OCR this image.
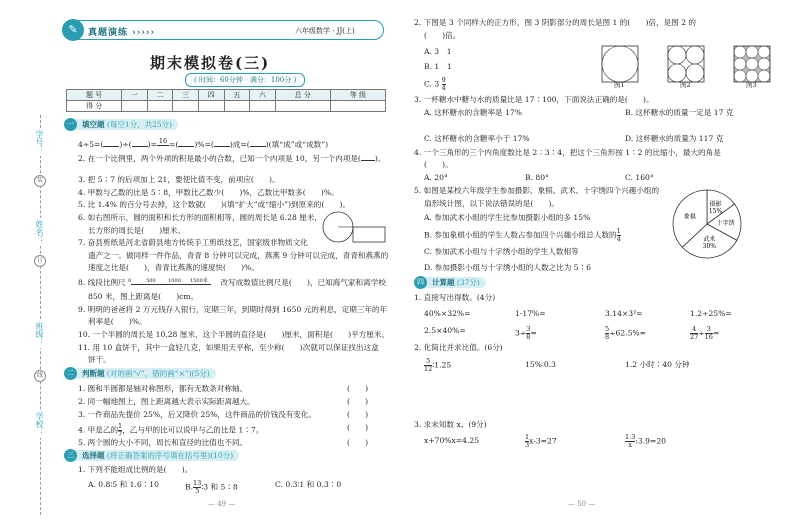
学号：
姓名：
班级：
学校：
装
订
线
✎	真题演练 ›››››	六年级数学 · JJ(上)
期末模拟卷(三)
( 时间：60分钟　满分：100分 )
题 号	一	二	三	四	五	六	总 分	等 级
得 分								
一	填空题 (每空1分，共25分)
4÷5=( )÷( )= 16 =( )%=( )成=( )(填“成”或“成数”)
2. 在一个比例里，两个外项的积是最小的合数，已知一个内项是 10，另一个内项是( )。
3. 把 5∶7 的后项加上 21，要使比值不变，前项应(　　)。
4. 甲数与乙数的比是 5∶8，甲数比乙数少(　　)%，乙数比甲数多(　　)%。
5. 比 1.4% 的百分号去掉，这个数就(　　)(填“扩大”或“缩小”)到原来的(　　)。
6. 如右图所示，圆的面积和长方形的面积相等，圆的周长是 6.28 厘米，
长方形的周长是(　　)厘米。
7. 奋县剪纸是河北省蔚县地方传统手工剪纸技艺，国家级非物质文化
遗产之一。做同样一件作品，青青 8 分钟可以完成，燕燕 9 分钟可以完成，青青和燕燕的
速度之比是(　　)，青青比燕燕的速度快(　　)%。
8. 线段比例尺 0	500 1000 1500米 改写成数值比例尺是(　　)，已知海气家和离学校
850 米，图上距离是(　　)cm。
9. 明明的爸爸将 2 万元钱存入银行，定期三年，到期时得到 1650 元的利息，定期三年的年
利率是(　　)%。
10. 一个半圆的周长是 10.28 厘米，这个半圆的直径是(　　)厘米，面积是(　　)平方厘米。
11. 用 10 盒饼干，其中一盒轻几克，如果用天平称，至少称(　　)次就可以保证找出这盒
饼干。
二	判断题 (对的画“√”，错的画“×”)(5分)
1. 圆和半圆都是轴对称图形，都有无数条对称轴。	(　　)
2. 同一幅地图上，图上距离越大表示实际距离越大。	(　　)
3. 一件商品先提价 25%，后又降价 25%，这件商品的价钱没有变化。	(　　)
4. 甲是乙的 $\frac{1}{7}$ ，乙与甲的比可以说甲与乙的比是 1∶7。	(　　)
5. 两个圆的大小不同，周长和直径的比值也不同。	(　　)
三	选择题 (将正确答案的序号填在括号里)(10分)
1. 下列不能组成比例的是(　　)。
A. 0.8∶5 和 1.6∶10	B. $\frac{13}{5}$ ∶3 和 5∶8	C. 0.3∶1 和 0.3∶0
— 49 —
2. 下图是 3 个同样大的正方形，图 3 阴影部分的周长是图 1 的(　　)倍，是图 2 的
(　　)倍。
A. 3　1
B. 1　1
C. $3 \frac{9}{4}$	图1	图2	图3
3. 一杯糖水中糖与水的质量比是 17∶100，下面说法正确的是(　　)。
A. 这杯糖水的含糖率是 17%	B. 这杯糖水的质量一定是 17 克
C. 这杯糖水的含糖率小于 17%	D. 这杯糖水的质量为 117 克
4. 一个三角形的三个内角度数比是 2∶3∶4，把这个三角形按 1∶2 的比缩小，最大的角是
(　　)。
A. 20°	B. 80°	C. 160°
5. 如图是某校六年级学生参加摄影、象棋、武术、十字绣四个兴趣小组的
扇形统计图，以下说法错误的是(　　)。
A. 参加武术小组的学生比参加摄影小组的多 15%
B. 参加象棋小组的学生人数占参加四个兴趣小组总人数的 $\frac{1}{4}$
C. 参加武术小组与十字绣小组的学生人数相等
D. 参加摄影小组与十字绣小组的人数之比为 5∶6
摄影
15%
十字绣
武术
30%
象棋
四	计算题 (37分)
1. 直接写出得数。(4分)
40%×32%=	1-17%=	3.14×3²=	1.2÷25%=
2.5×40%=	$3\div \frac{3}{8}$ =	$\frac{5}{8} \div 62.5\%=$	$\frac{4}{27} \div \frac{3}{16}$ =
2. 化简比并求比值。(6分)
$\frac{5}{12}$ ∶1.25	15%∶0.3	1.2 小时∶40 分钟
3. 求未知数 x。(9分)
x+70%x=4.25	$\frac{1}{3} x-3=27$	$\frac{1.3}{x}$ :3.9=20
— 50 —
